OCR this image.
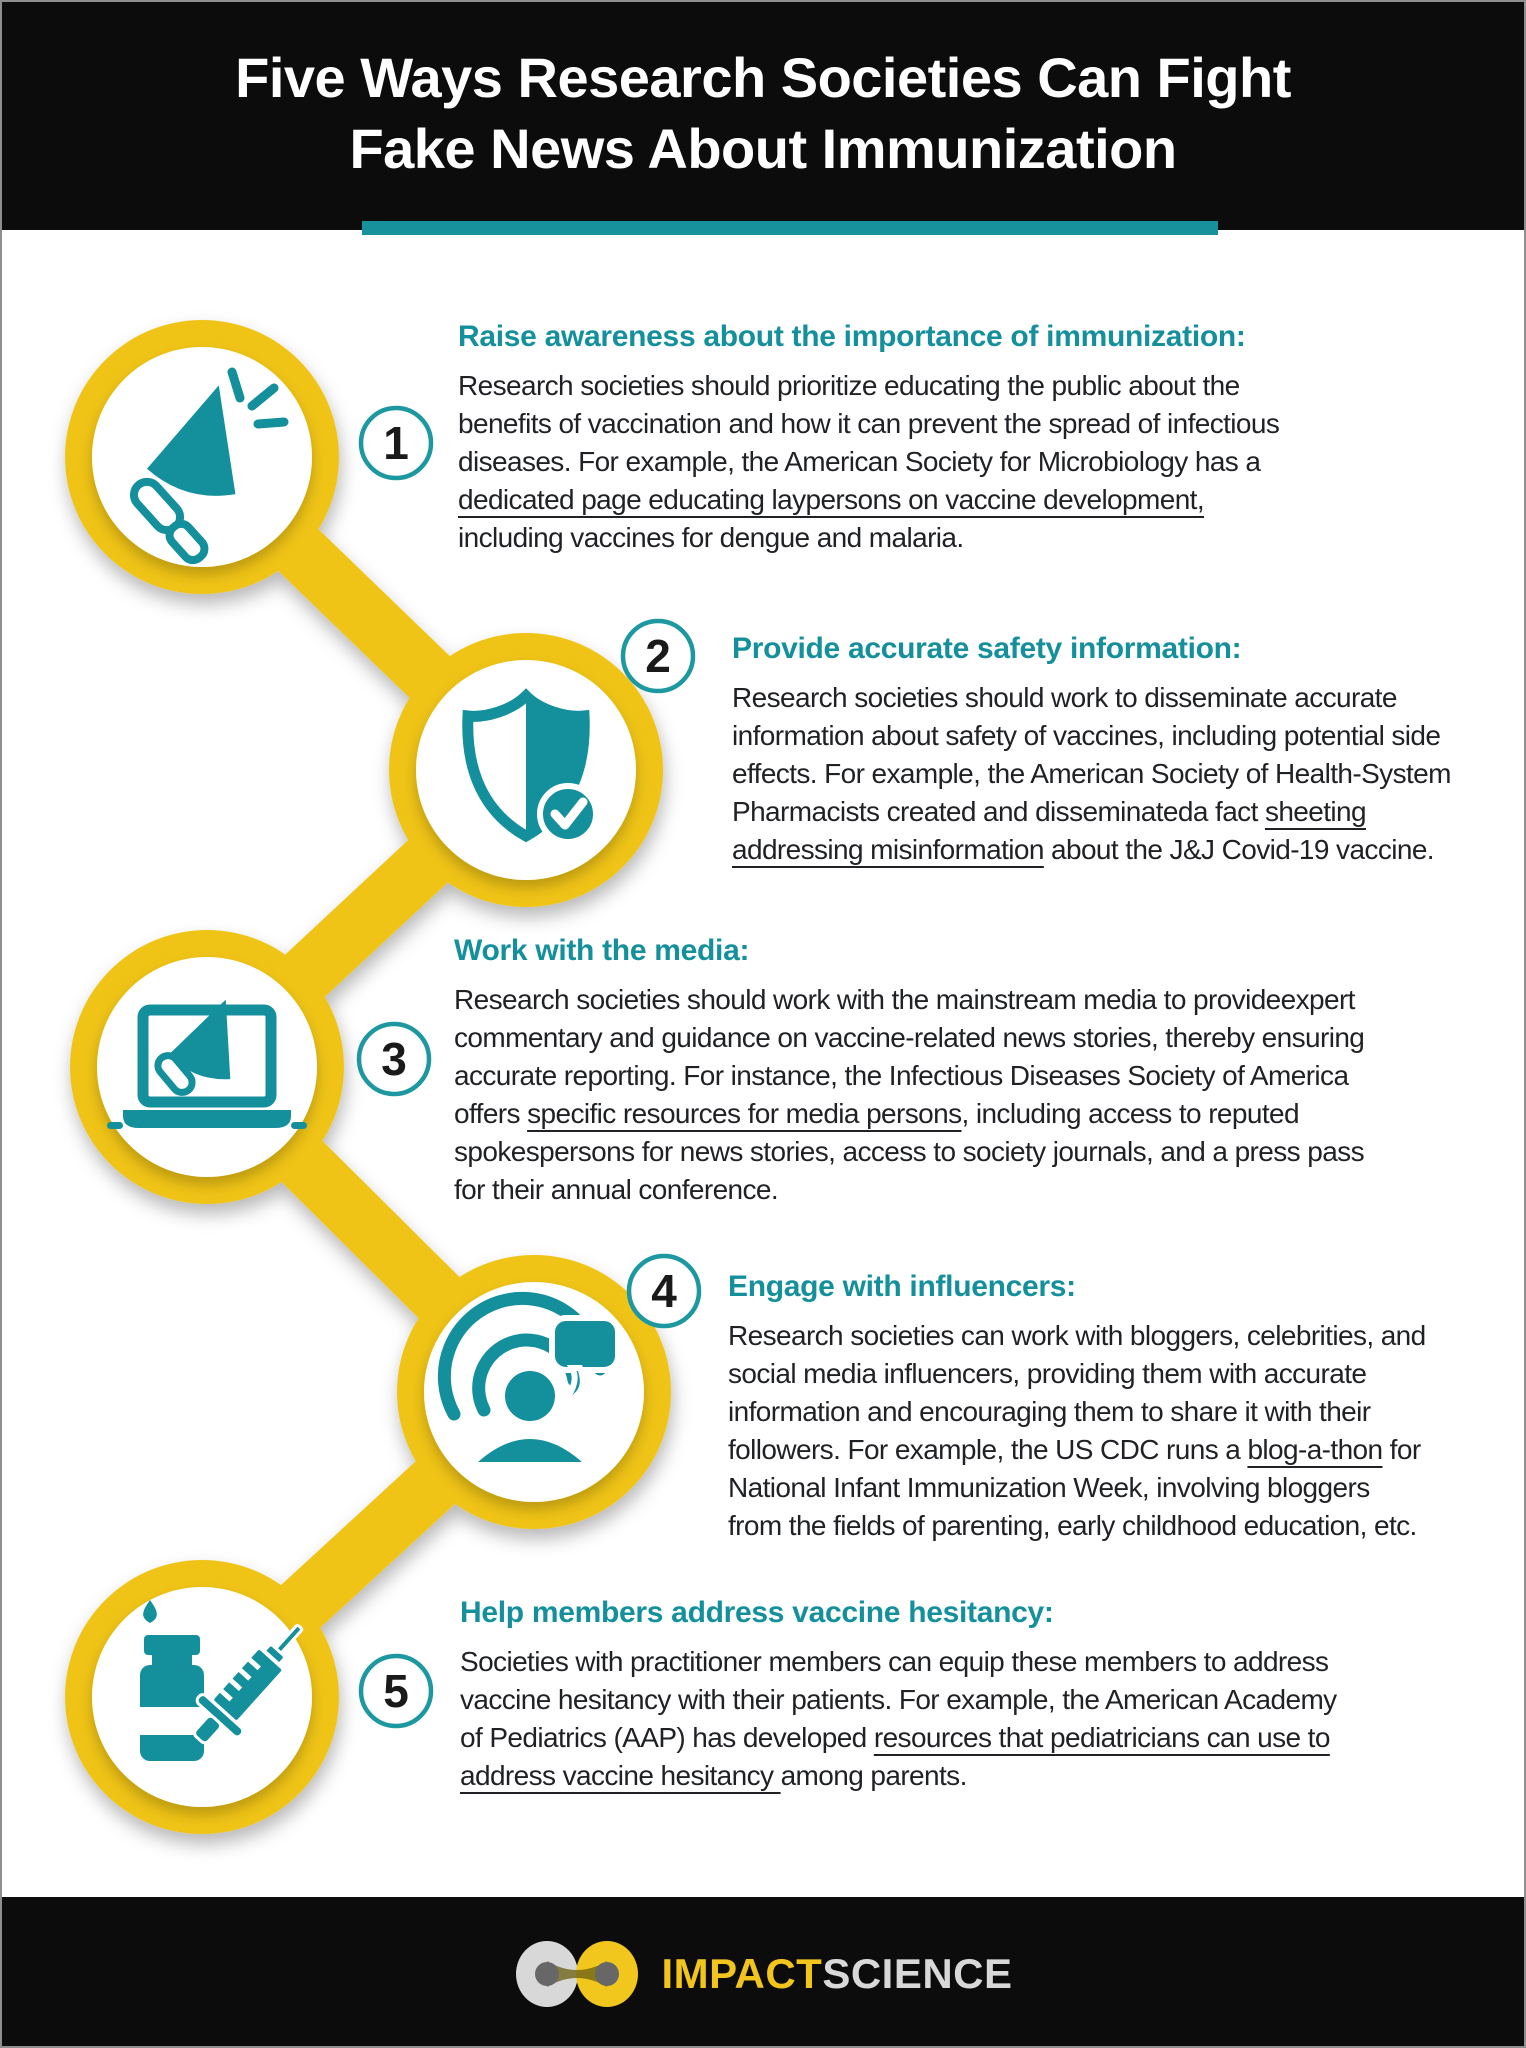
Five Ways Research Societies Can Fight
Fake News About Immunization
1
2
3
4
5
Raise awareness about the importance of immunization:
Research societies should prioritize educating the public about the
benefits of vaccination and how it can prevent the spread of infectious
diseases. For example, the American Society for Microbiology has a
dedicated page educating laypersons on vaccine development,
including vaccines for dengue and malaria.
Provide accurate safety information:
Research societies should work to disseminate accurate
information about safety of vaccines, including potential side
effects. For example, the American Society of Health-System
Pharmacists created and disseminateda fact sheeting
addressing misinformation about the J&J Covid-19 vaccine.
Work with the media:
Research societies should work with the mainstream media to provideexpert
commentary and guidance on vaccine-related news stories, thereby ensuring
accurate reporting. For instance, the Infectious Diseases Society of America
offers specific resources for media persons, including access to reputed
spokespersons for news stories, access to society journals, and a press pass
for their annual conference.
Engage with influencers:
Research societies can work with bloggers, celebrities, and
social media influencers, providing them with accurate
information and encouraging them to share it with their
followers. For example, the US CDC runs a blog-a-thon for
National Infant Immunization Week, involving bloggers
from the fields of parenting, early childhood education, etc.
Help members address vaccine hesitancy:
Societies with practitioner members can equip these members to address
vaccine hesitancy with their patients. For example, the American Academy
of Pediatrics (AAP) has developed resources that pediatricians can use to
address vaccine hesitancy among parents.
IMPACTSCIENCE
